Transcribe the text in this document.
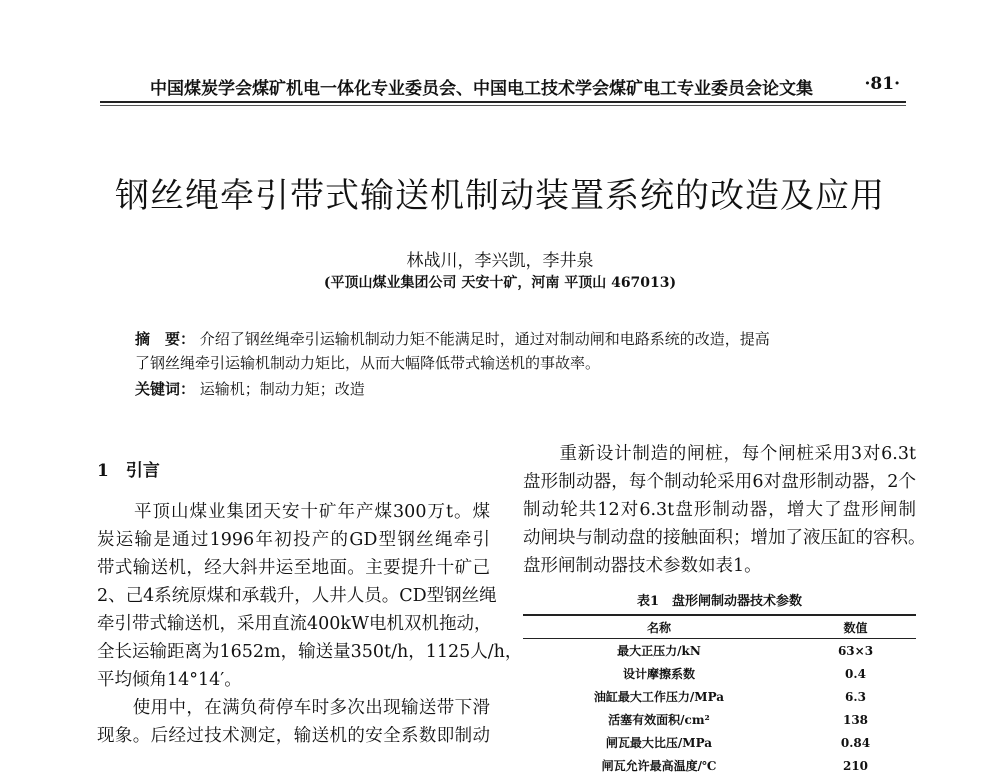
中国煤炭学会煤矿机电一体化专业委员会、中国电工技术学会煤矿电工专业委员会论文集	·81·
钢丝绳牵引带式输送机制动装置系统的改造及应用
林战川，李兴凯，李井泉
(平顶山煤业集团公司 天安十矿，河南 平顶山 467013)
摘　要： 介绍了钢丝绳牵引运输机制动力矩不能满足时，通过对制动闸和电路系统的改造，提高
了钢丝绳牵引运输机制动力矩比，从而大幅降低带式输送机的事故率。
关键词： 运输机；制动力矩；改造
1　引言
　　平顶山煤业集团天安十矿年产煤300万t。煤
炭运输是通过1996年初投产的GD型钢丝绳牵引
带式输送机，经大斜井运至地面。主要提升十矿己
2、己4系统原煤和承载升，人井人员。CD型钢丝绳
牵引带式输送机，采用直流400kW电机双机拖动，
全长运输距离为1652m，输送量350t/h，1125人/h，
平均倾角14°14′。
　　使用中，在满负荷停车时多次出现输送带下滑
现象。后经过技术测定，输送机的安全系数即制动
　　重新设计制造的闸桩，每个闸桩采用3对6.3t
盘形制动器，每个制动轮采用6对盘形制动器，2个
制动轮共12对6.3t盘形制动器，增大了盘形闸制
动闸块与制动盘的接触面积；增加了液压缸的容积。
盘形闸制动器技术参数如表1。
表1　盘形闸制动器技术参数
名称	数值
最大正压力/kN	63×3
设计摩擦系数	0.4
油缸最大工作压力/MPa	6.3
活塞有效面积/cm²	138
闸瓦最大比压/MPa	0.84
闸瓦允许最高温度/℃	210
